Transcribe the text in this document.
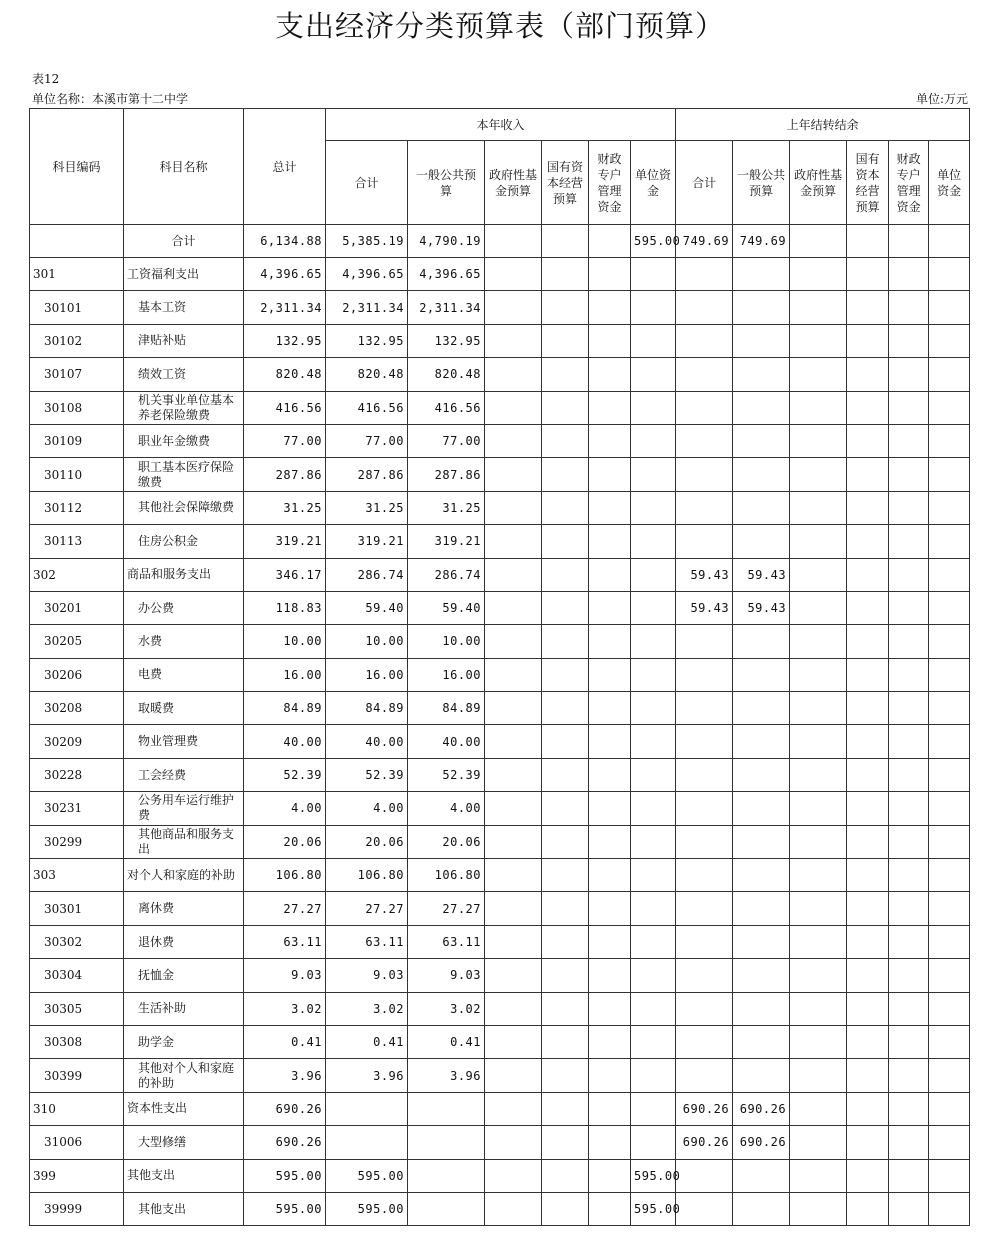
支出经济分类预算表（部门预算）
表12
单位名称：本溪市第十二中学	单位:万元
科目编码	科目名称	总计	本年收入						上年结转结余					
			合计	一般公共预算	政府性基金预算	国有资本经营预算	财政专户管理资金	单位资金	合计	一般公共预算	政府性基金预算	国有资本经营预算	财政专户管理资金	单位资金
	合计	6,134.88	5,385.19	4,790.19				595.00	749.69	749.69				
301	工资福利支出	4,396.65	4,396.65	4,396.65										
30101	基本工资	2,311.34	2,311.34	2,311.34										
30102	津贴补贴	132.95	132.95	132.95										
30107	绩效工资	820.48	820.48	820.48										
30108	机关事业单位基本养老保险缴费	416.56	416.56	416.56										
30109	职业年金缴费	77.00	77.00	77.00										
30110	职工基本医疗保险缴费	287.86	287.86	287.86										
30112	其他社会保障缴费	31.25	31.25	31.25										
30113	住房公积金	319.21	319.21	319.21										
302	商品和服务支出	346.17	286.74	286.74					59.43	59.43				
30201	办公费	118.83	59.40	59.40					59.43	59.43				
30205	水费	10.00	10.00	10.00										
30206	电费	16.00	16.00	16.00										
30208	取暖费	84.89	84.89	84.89										
30209	物业管理费	40.00	40.00	40.00										
30228	工会经费	52.39	52.39	52.39										
30231	公务用车运行维护费	4.00	4.00	4.00										
30299	其他商品和服务支出	20.06	20.06	20.06										
303	对个人和家庭的补助	106.80	106.80	106.80										
30301	离休费	27.27	27.27	27.27										
30302	退休费	63.11	63.11	63.11										
30304	抚恤金	9.03	9.03	9.03										
30305	生活补助	3.02	3.02	3.02										
30308	助学金	0.41	0.41	0.41										
30399	其他对个人和家庭的补助	3.96	3.96	3.96										
310	资本性支出	690.26							690.26	690.26				
31006	大型修缮	690.26							690.26	690.26				
399	其他支出	595.00	595.00					595.00						
39999	其他支出	595.00	595.00					595.00						
